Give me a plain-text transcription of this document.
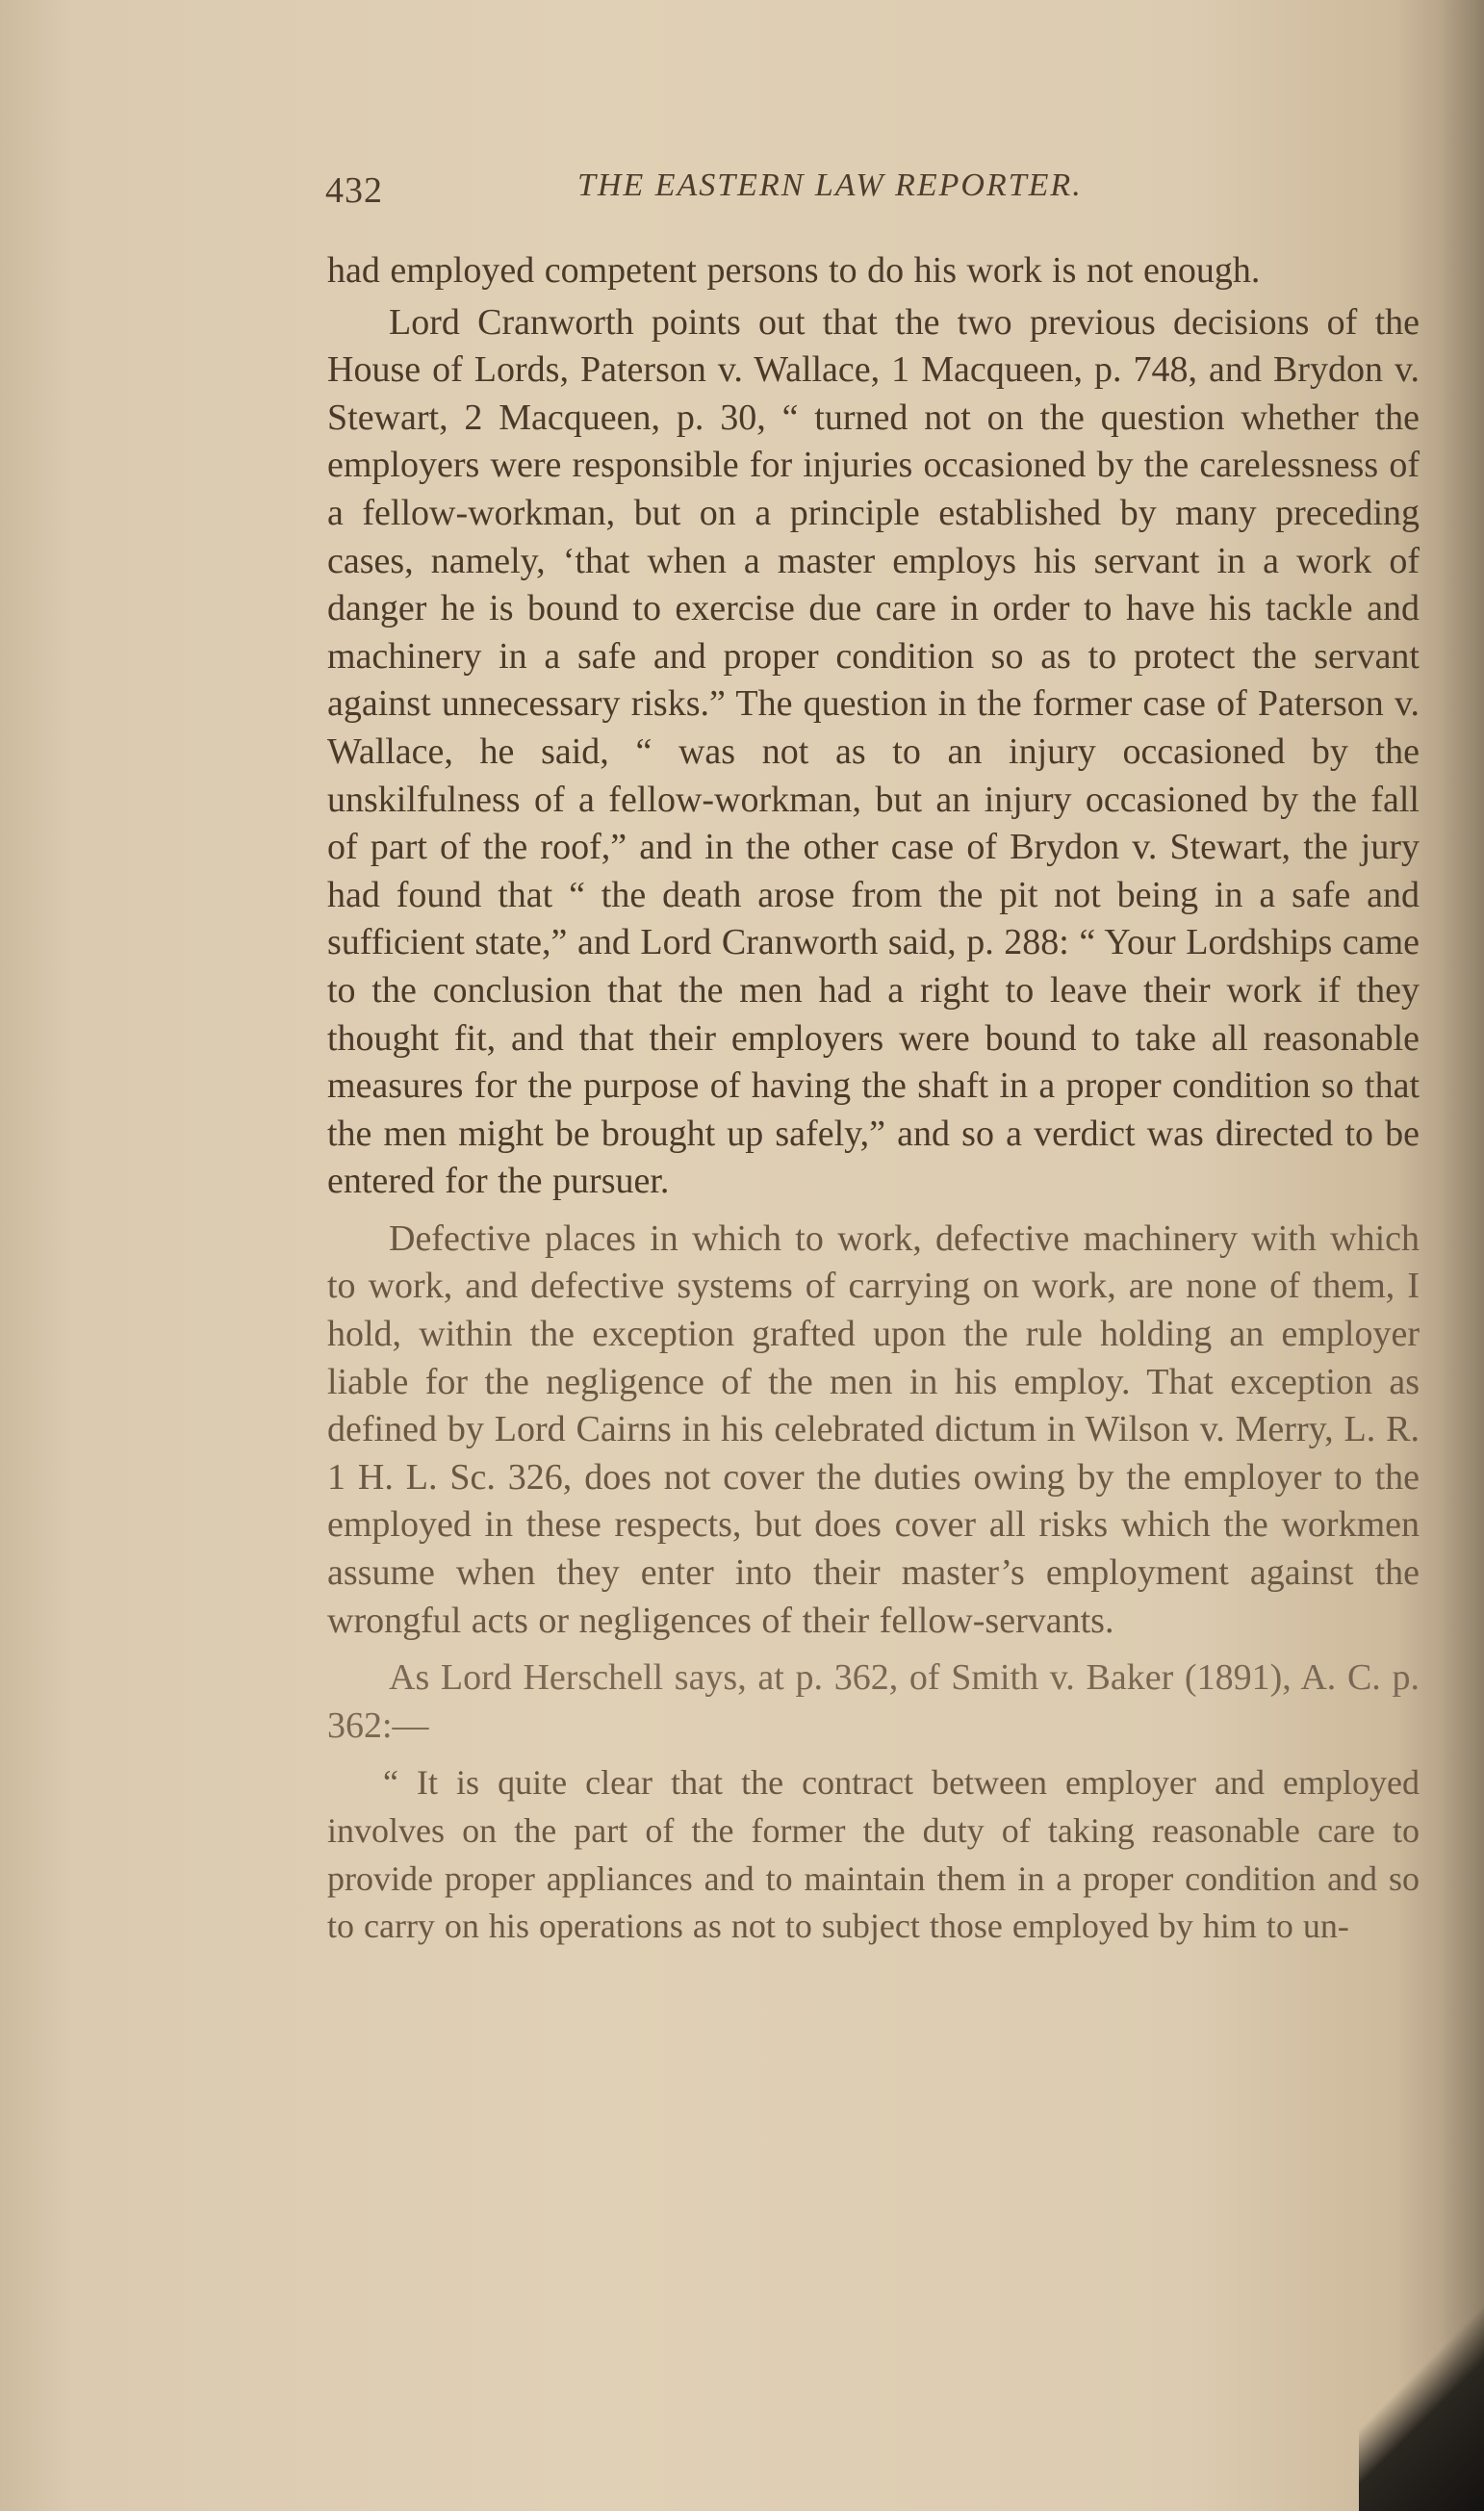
432	THE EASTERN LAW REPORTER.

had employed competent persons to do his work is not enough.

Lord Cranworth points out that the two previous decisions of the House of Lords, Paterson v. Wallace, 1 Macqueen, p. 748, and Brydon v. Stewart, 2 Macqueen, p. 30, “ turned not on the question whether the employers were responsible for injuries occasioned by the carelessness of a fellow-workman, but on a principle established by many preceding cases, namely, ‘that when a master employs his servant in a work of danger he is bound to exercise due care in order to have his tackle and machinery in a safe and proper condition so as to protect the servant against unnecessary risks.” The question in the former case of Paterson v. Wallace, he said, “ was not as to an injury occasioned by the unskilfulness of a fellow-workman, but an injury occasioned by the fall of part of the roof,” and in the other case of Brydon v. Stewart, the jury had found that “ the death arose from the pit not being in a safe and sufficient state,” and Lord Cranworth said, p. 288: “ Your Lordships came to the conclusion that the men had a right to leave their work if they thought fit, and that their employers were bound to take all reasonable measures for the purpose of having the shaft in a proper condition so that the men might be brought up safely,” and so a verdict was directed to be entered for the pursuer.

Defective places in which to work, defective machinery with which to work, and defective systems of carrying on work, are none of them, I hold, within the exception grafted upon the rule holding an employer liable for the negligence of the men in his employ. That exception as defined by Lord Cairns in his celebrated dictum in Wilson v. Merry, L. R. 1 H. L. Sc. 326, does not cover the duties owing by the employer to the employed in these respects, but does cover all risks which the workmen assume when they enter into their master’s employment against the wrongful acts or negligences of their fellow-servants.

As Lord Herschell says, at p. 362, of Smith v. Baker (1891), A. C. p. 362:—

“ It is quite clear that the contract between employer and employed involves on the part of the former the duty of taking reasonable care to provide proper appliances and to maintain them in a proper condition and so to carry on his operations as not to subject those employed by him to un-
